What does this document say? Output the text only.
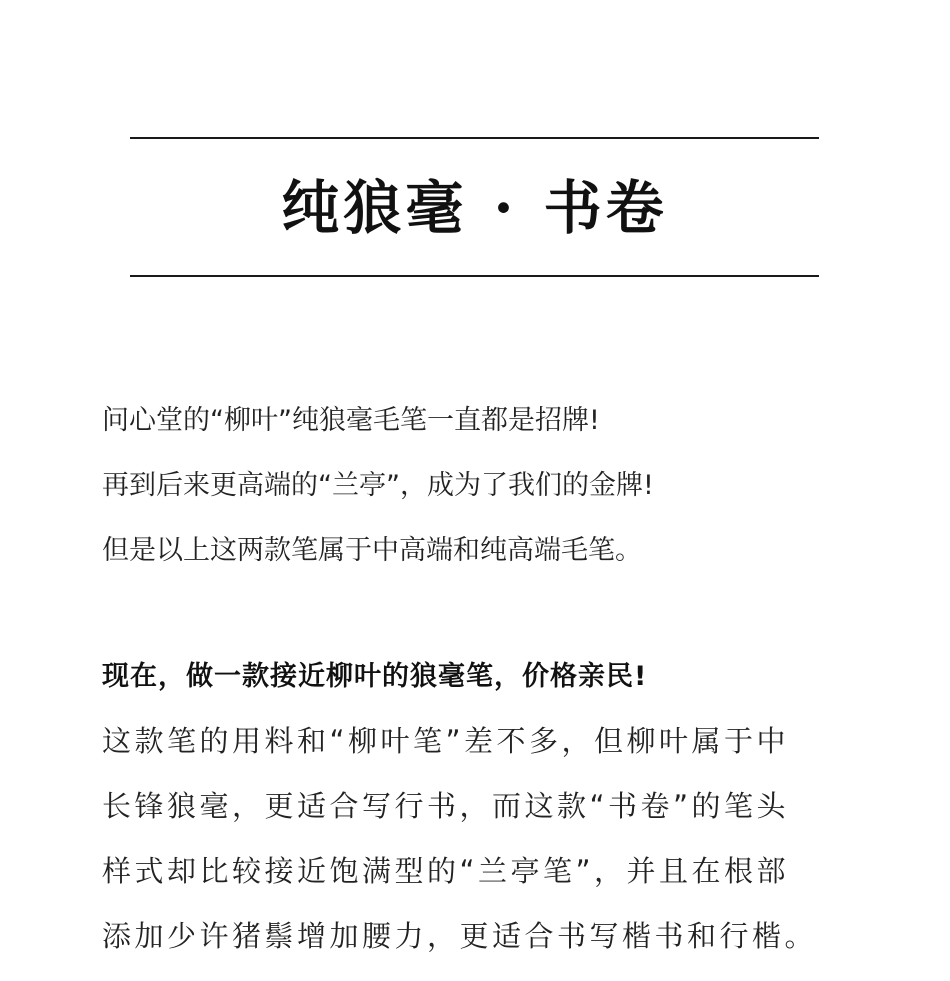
纯狼毫 · 书卷

问心堂的“柳叶”纯狼毫毛笔一直都是招牌!

再到后来更高端的“兰亭”，成为了我们的金牌!

但是以上这两款笔属于中高端和纯高端毛笔。

现在，做一款接近柳叶的狼毫笔，价格亲民!

这款笔的用料和“柳叶笔”差不多，但柳叶属于中

长锋狼毫，更适合写行书，而这款“书卷”的笔头

样式却比较接近饱满型的“兰亭笔”，并且在根部

添加少许猪鬃增加腰力，更适合书写楷书和行楷。
